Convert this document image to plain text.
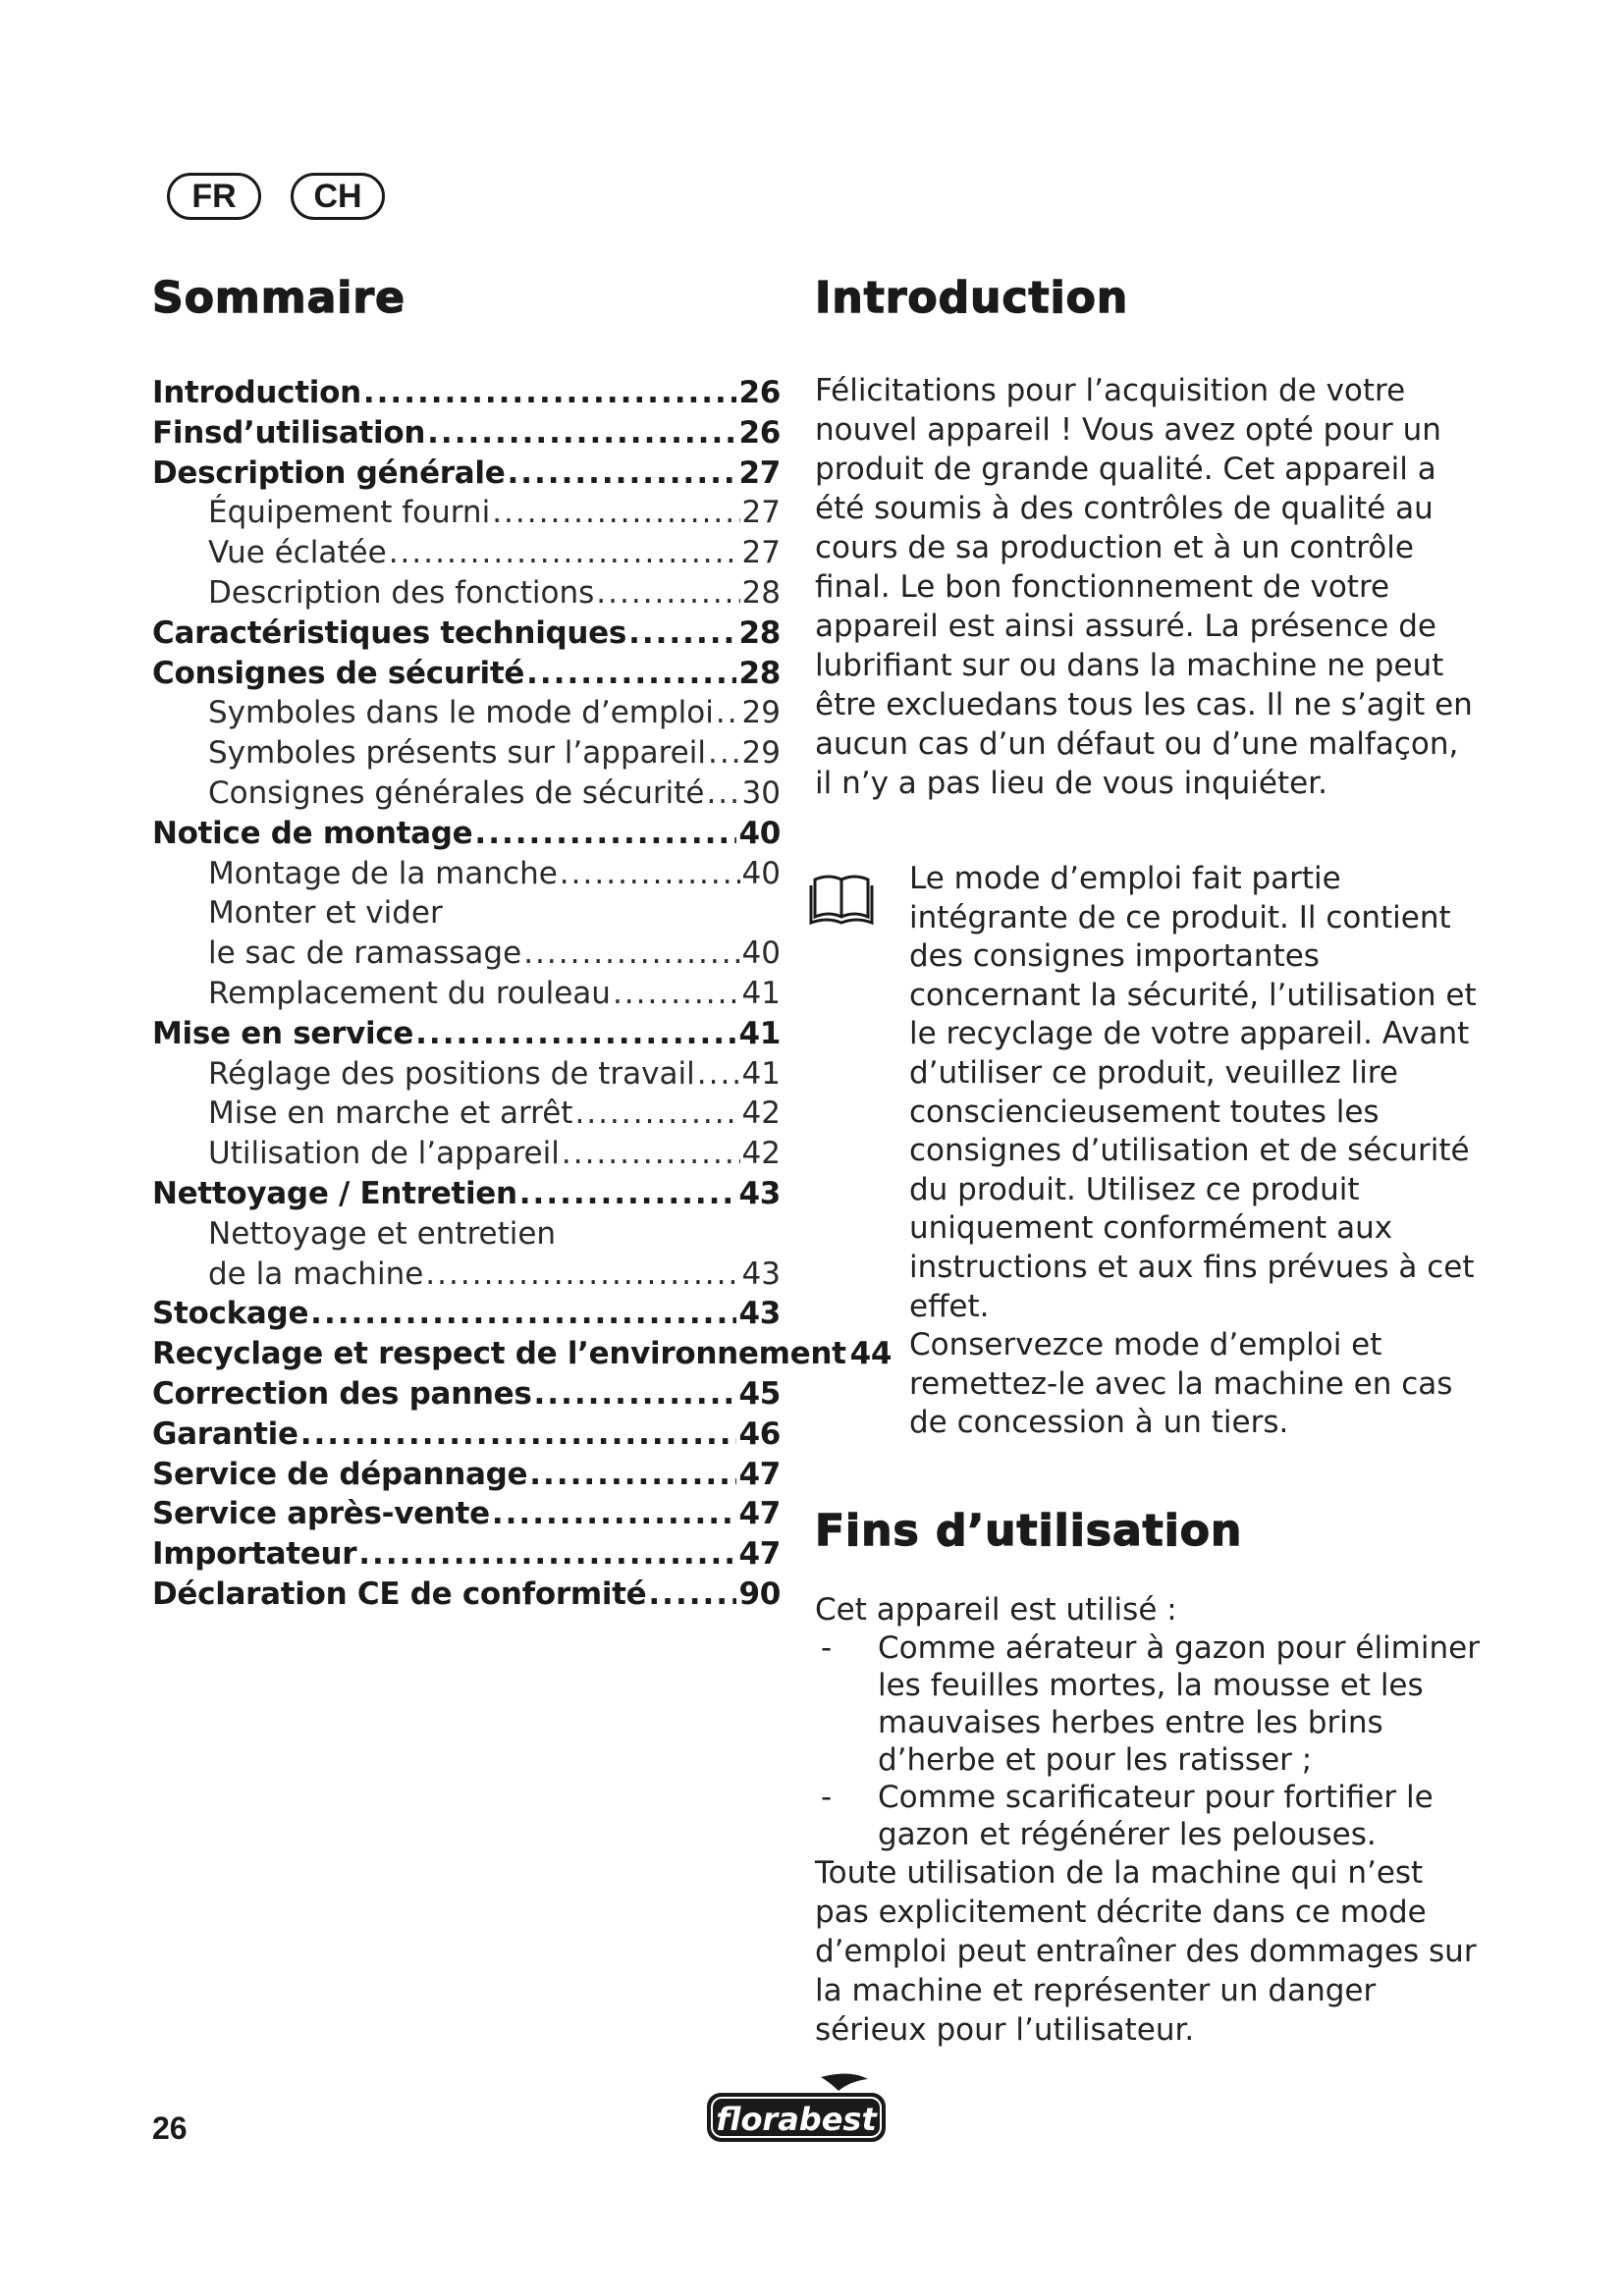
FR	CH
Sommaire
Introduction .....	26
Finsd’utilisation .....	26
Description générale .....	27
Équipement fourni .....	27
Vue éclatée .....	27
Description des fonctions .....	28
Caractéristiques techniques .....	28
Consignes de sécurité .....	28
Symboles dans le mode d’emploi ..... 29
Symboles présents sur l’appareil ..... 29
Consignes générales de sécurité ..... 30
Notice de montage .....	40
Montage de la manche .....	40
Monter et vider
le sac de ramassage .....	40
Remplacement du rouleau .....	41
Mise en service .....	41
Réglage des positions de travail ..... 41
Mise en marche et arrêt .....	42
Utilisation de l’appareil .....	42
Nettoyage / Entretien .....	43
Nettoyage et entretien
de la machine .....	43
Stockage .....	43
Recyclage et respect de l’environnement 44
Correction des pannes .....	45
Garantie .....	46
Service de dépannage .....	47
Service après-vente .....	47
Importateur .....	47
Déclaration CE de conformité .....	90
Introduction

Félicitations pour l’acquisition de votre nouvel appareil ! Vous avez opté pour un produit de grande qualité. Cet appareil a été soumis à des contrôles de qualité au cours de sa production et à un contrôle final. Le bon fonctionnement de votre appareil est ainsi assuré. La présence de lubrifiant sur ou dans la machine ne peut être excluedans tous les cas. Il ne s’agit en aucun cas d’un défaut ou d’une malfaçon, il n’y a pas lieu de vous inquiéter.

Le mode d’emploi fait partie intégrante de ce produit. Il contient des consignes importantes concernant la sécurité, l’utilisation et le recyclage de votre appareil. Avant d’utiliser ce produit, veuillez lire consciencieusement toutes les consignes d’utilisation et de sécurité du produit. Utilisez ce produit uniquement conformément aux instructions et aux fins prévues à cet effet.

Conservezce mode d’emploi et remettez-le avec la machine en cas de concession à un tiers.

Fins d’utilisation

Cet appareil est utilisé :

-	Comme aérateur à gazon pour éliminer les feuilles mortes, la mousse et les mauvaises herbes entre les brins d’herbe et pour les ratisser ;
-	Comme scarificateur pour fortifier le gazon et régénérer les pelouses.

Toute utilisation de la machine qui n’est pas explicitement décrite dans ce mode d’emploi peut entraîner des dommages sur la machine et représenter un danger sérieux pour l’utilisateur.

26	florabest
